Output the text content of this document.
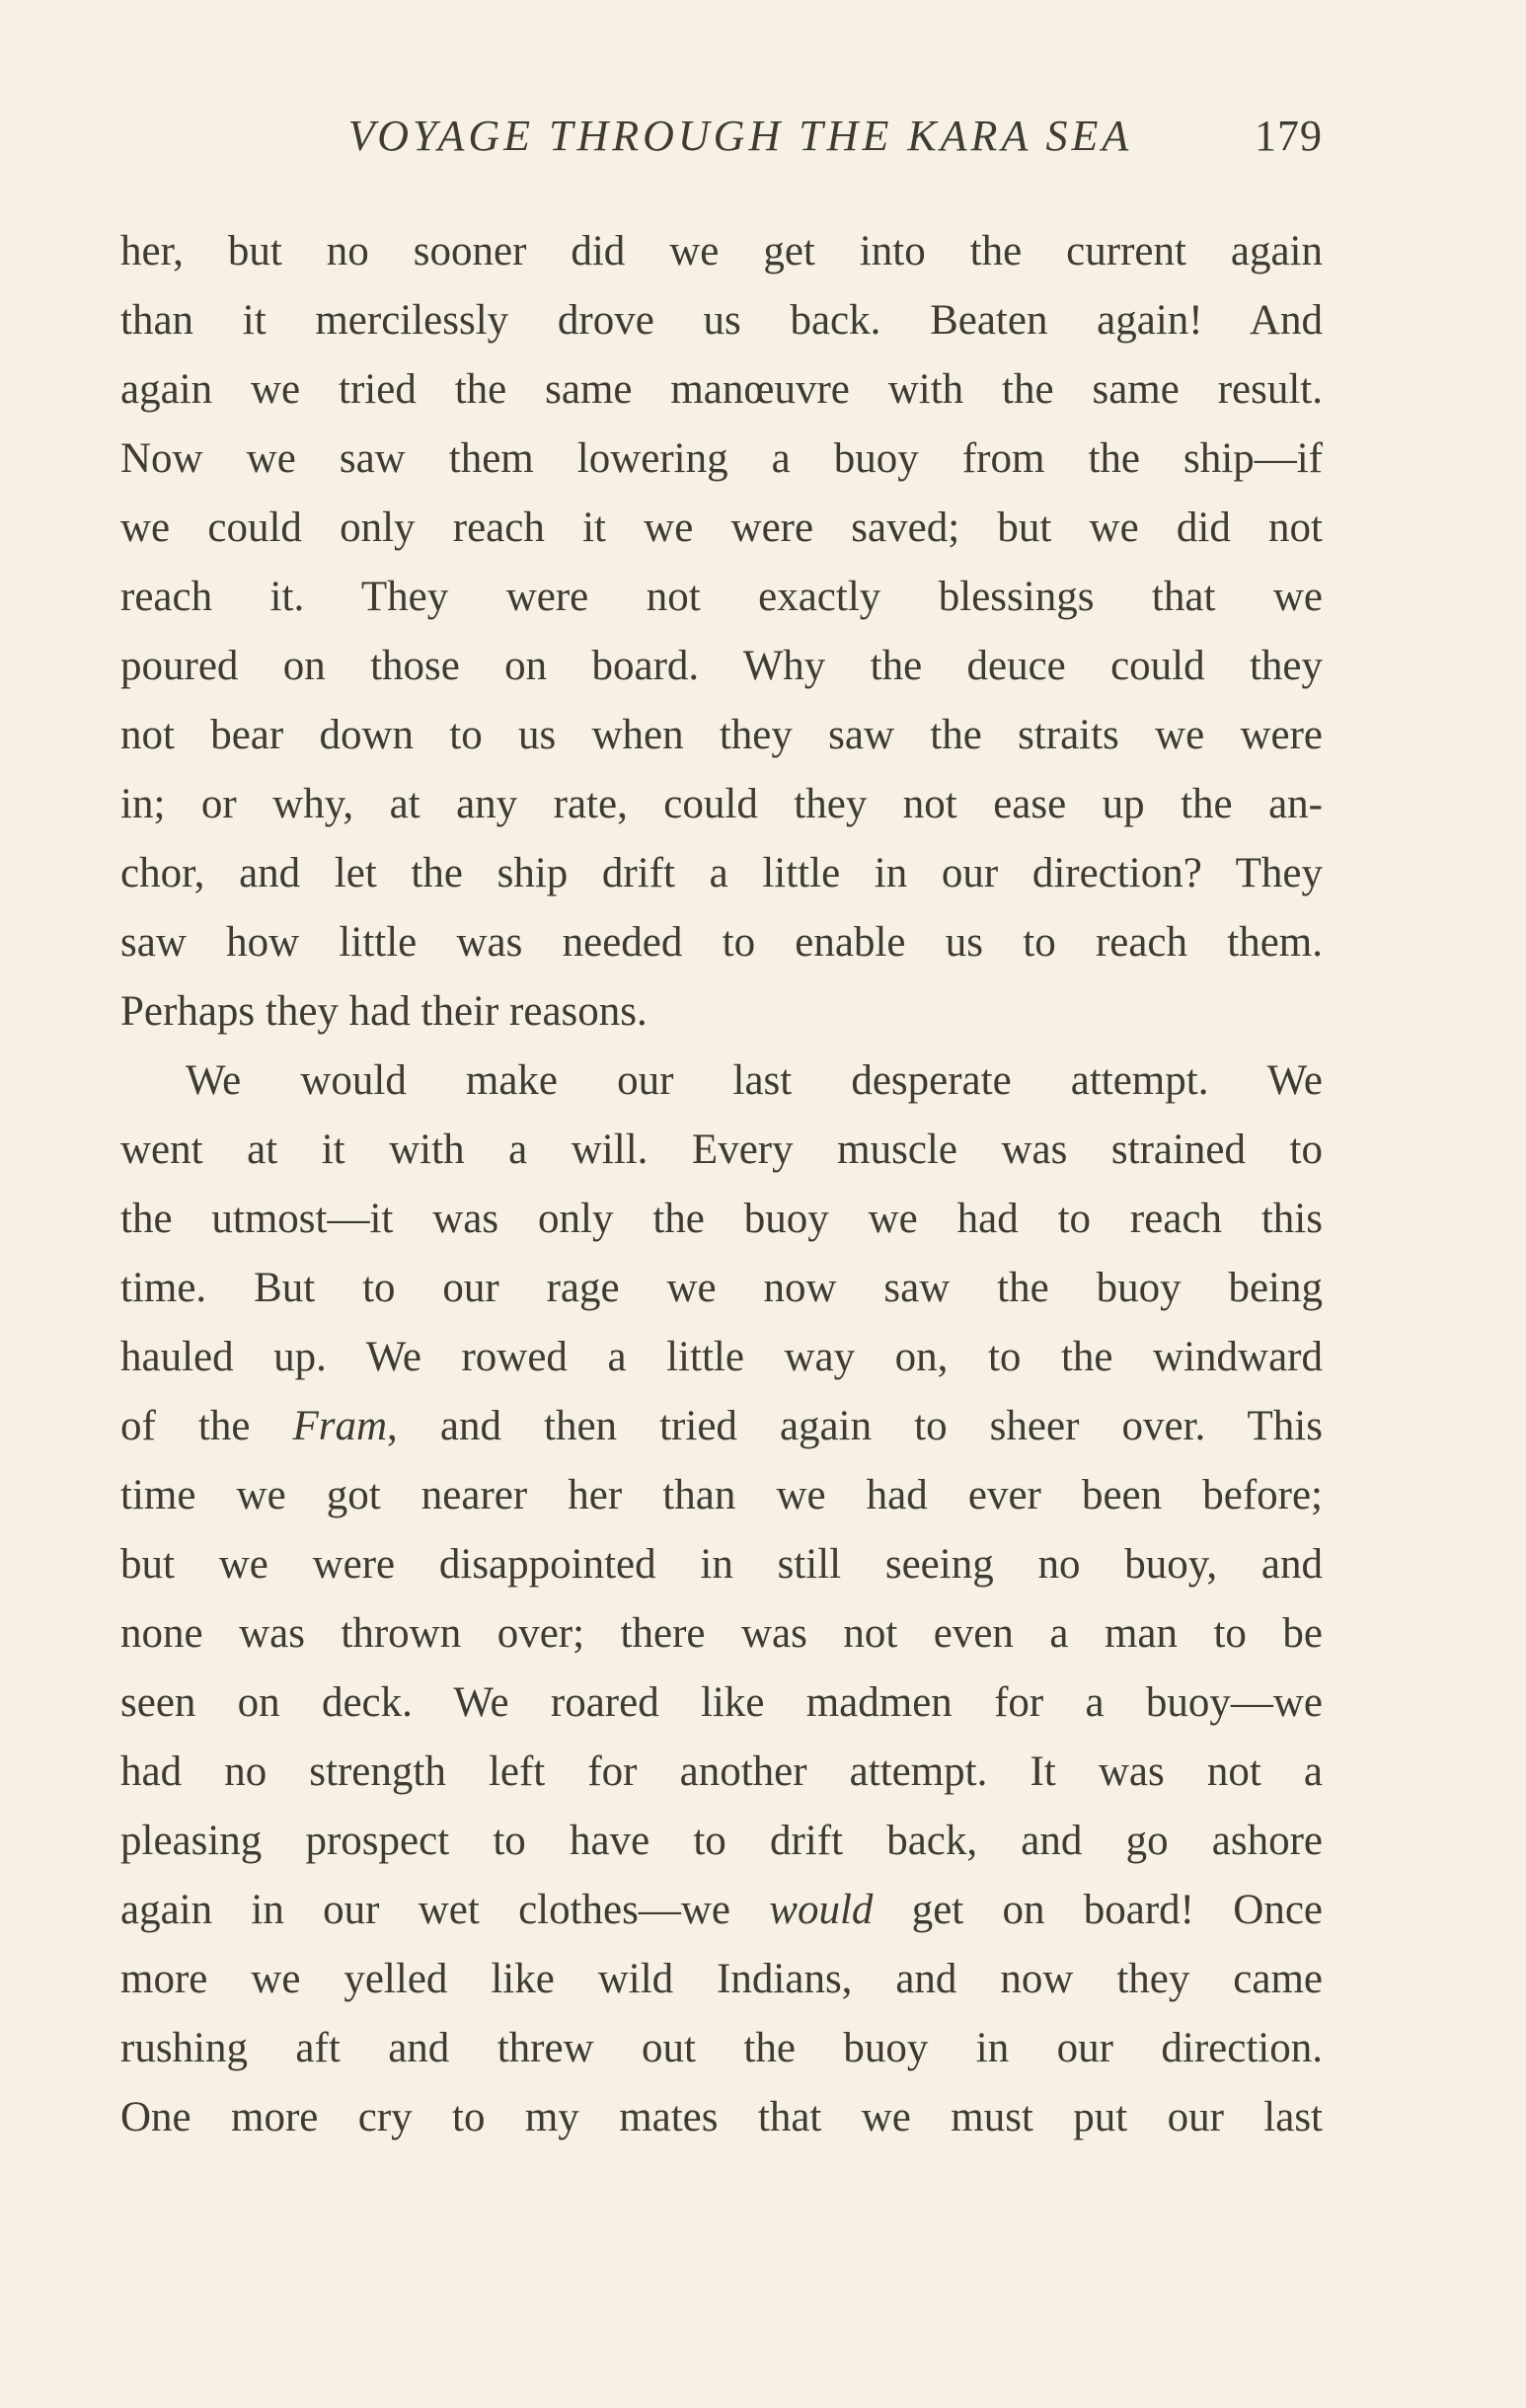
VOYAGE THROUGH THE KARA SEA	179
her, but no sooner did we get into the current again
than it mercilessly drove us back. Beaten again! And
again we tried the same manœuvre with the same result.
Now we saw them lowering a buoy from the ship—if
we could only reach it we were saved; but we did not
reach it. They were not exactly blessings that we
poured on those on board. Why the deuce could they
not bear down to us when they saw the straits we were
in; or why, at any rate, could they not ease up the an-
chor, and let the ship drift a little in our direction? They
saw how little was needed to enable us to reach them.
Perhaps they had their reasons.
We would make our last desperate attempt. We
went at it with a will. Every muscle was strained to
the utmost—it was only the buoy we had to reach this
time. But to our rage we now saw the buoy being
hauled up. We rowed a little way on, to the windward
of the Fram, and then tried again to sheer over. This
time we got nearer her than we had ever been before;
but we were disappointed in still seeing no buoy, and
none was thrown over; there was not even a man to be
seen on deck. We roared like madmen for a buoy—we
had no strength left for another attempt. It was not a
pleasing prospect to have to drift back, and go ashore
again in our wet clothes—we would get on board! Once
more we yelled like wild Indians, and now they came
rushing aft and threw out the buoy in our direction.
One more cry to my mates that we must put our last
